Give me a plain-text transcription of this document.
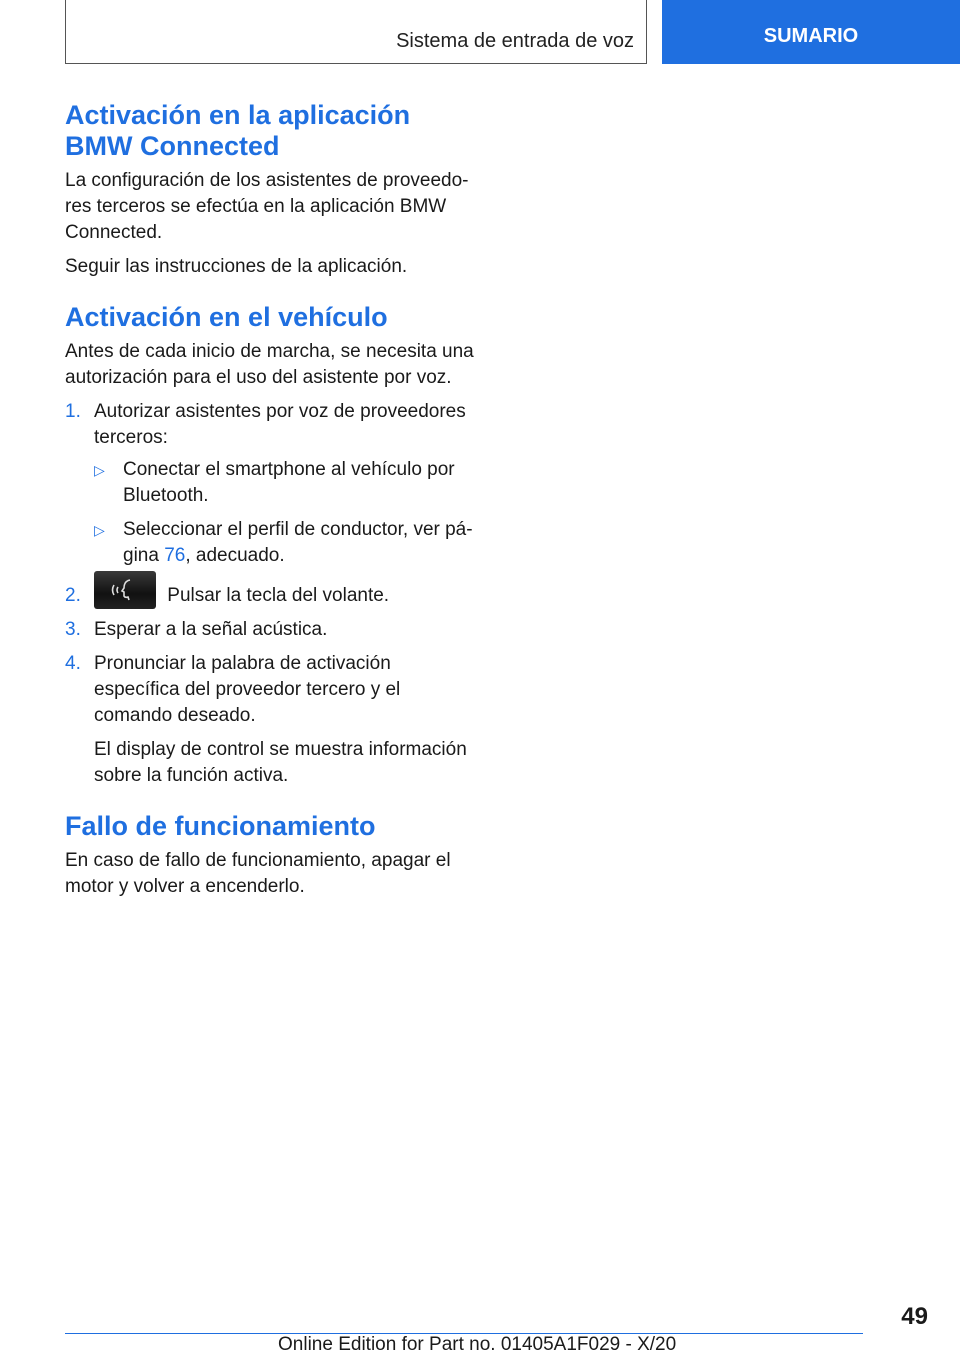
Sistema de entrada de voz	SUMARIO
Activación en la aplicación BMW Connected

La configuración de los asistentes de proveedo-res terceros se efectúa en la aplicación BMW Connected.

Seguir las instrucciones de la aplicación.

Activación en el vehículo

Antes de cada inicio de marcha, se necesita una autorización para el uso del asistente por voz.

1. Autorizar asistentes por voz de proveedores terceros:
▷ Conectar el smartphone al vehículo por Bluetooth.
▷ Seleccionar el perfil de conductor, ver pá-gina 76, adecuado.
2.	Pulsar la tecla del volante.
3. Esperar a la señal acústica.
4. Pronunciar la palabra de activación específica del proveedor tercero y el comando deseado.

El display de control se muestra información sobre la función activa.

Fallo de funcionamiento

En caso de fallo de funcionamiento, apagar el motor y volver a encenderlo.

49
Online Edition for Part no. 01405A1F029 - X/20
